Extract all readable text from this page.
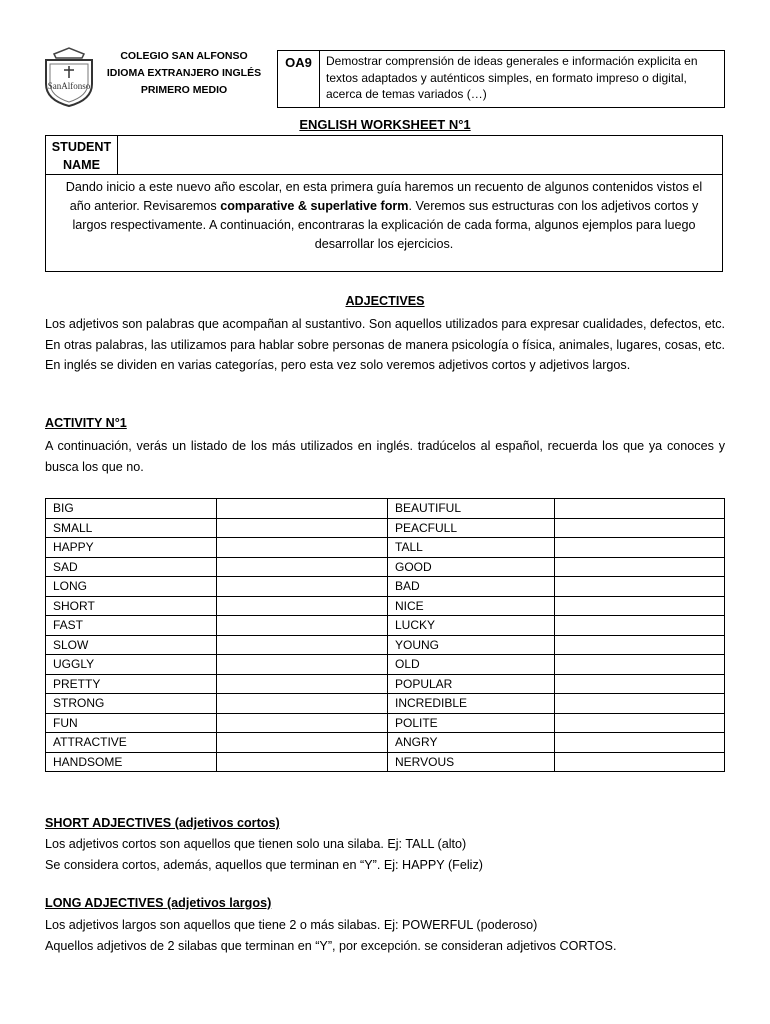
SanAlfonso
COLEGIO SAN ALFONSO
IDIOMA EXTRANJERO INGLÉS
PRIMERO MEDIO
OA9	Demostrar comprensión de ideas generales e información explicita en textos adaptados y auténticos simples, en formato impreso o digital, acerca de temas variados (…)
ENGLISH WORKSHEET N°1
STUDENT
NAME
Dando inicio a este nuevo año escolar, en esta primera guía haremos un recuento de algunos contenidos vistos el año anterior. Revisaremos comparative & superlative form. Veremos sus estructuras con los adjetivos cortos y largos respectivamente. A continuación, encontraras la explicación de cada forma, algunos ejemplos para luego desarrollar los ejercicios.
ADJECTIVES
Los adjetivos son palabras que acompañan al sustantivo. Son aquellos utilizados para expresar cualidades, defectos, etc. En otras palabras, las utilizamos para hablar sobre personas de manera psicología o física, animales, lugares, cosas, etc. En inglés se dividen en varias categorías, pero esta vez solo veremos adjetivos cortos y adjetivos largos.
ACTIVITY N°1
A continuación, verás un listado de los más utilizados en inglés. tradúcelos al español, recuerda los que ya conoces y busca los que no.
BIG		BEAUTIFUL	
SMALL		PEACFULL	
HAPPY		TALL	
SAD		GOOD	
LONG		BAD	
SHORT		NICE	
FAST		LUCKY	
SLOW		YOUNG	
UGGLY		OLD	
PRETTY		POPULAR	
STRONG		INCREDIBLE	
FUN		POLITE	
ATTRACTIVE		ANGRY	
HANDSOME		NERVOUS	
SHORT ADJECTIVES (adjetivos cortos)
Los adjetivos cortos son aquellos que tienen solo una silaba. Ej: TALL (alto)
Se considera cortos, además, aquellos que terminan en “Y”. Ej: HAPPY (Feliz)
LONG ADJECTIVES (adjetivos largos)
Los adjetivos largos son aquellos que tiene 2 o más silabas. Ej: POWERFUL (poderoso)
Aquellos adjetivos de 2 silabas que terminan en “Y”, por excepción. se consideran adjetivos CORTOS.
